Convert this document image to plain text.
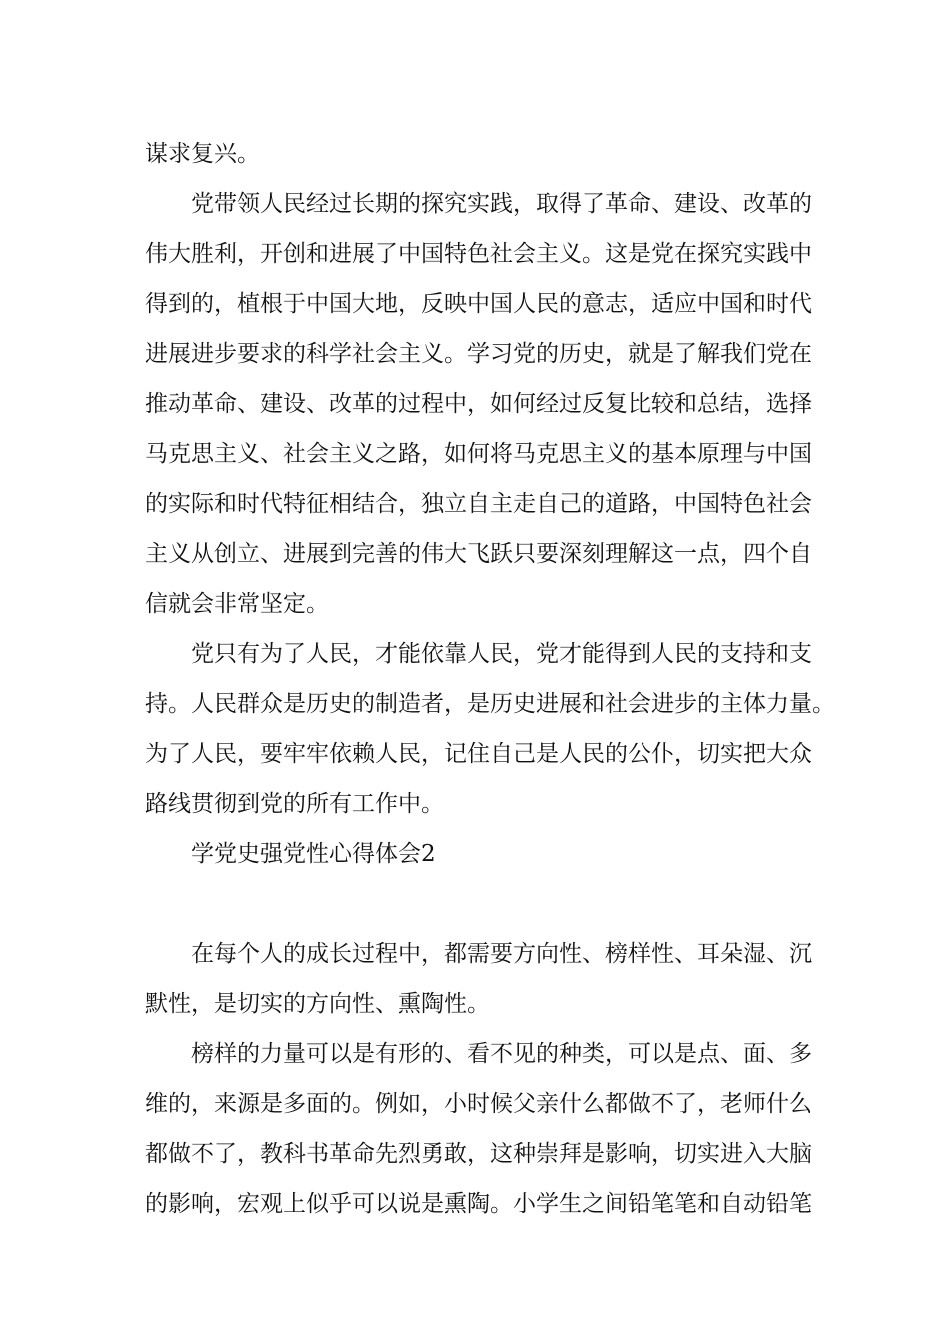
谋求复兴。
党带领人民经过长期的探究实践，取得了革命、建设、改革的
伟大胜利，开创和进展了中国特色社会主义。这是党在探究实践中
得到的，植根于中国大地，反映中国人民的意志，适应中国和时代
进展进步要求的科学社会主义。学习党的历史，就是了解我们党在
推动革命、建设、改革的过程中，如何经过反复比较和总结，选择
马克思主义、社会主义之路，如何将马克思主义的基本原理与中国
的实际和时代特征相结合，独立自主走自己的道路，中国特色社会
主义从创立、进展到完善的伟大飞跃只要深刻理解这一点，四个自
信就会非常坚定。
党只有为了人民，才能依靠人民，党才能得到人民的支持和支
持。人民群众是历史的制造者，是历史进展和社会进步的主体力量。
为了人民，要牢牢依赖人民，记住自己是人民的公仆，切实把大众
路线贯彻到党的所有工作中。
学党史强党性心得体会2
在每个人的成长过程中，都需要方向性、榜样性、耳朵湿、沉
默性，是切实的方向性、熏陶性。
榜样的力量可以是有形的、看不见的种类，可以是点、面、多
维的，来源是多面的。例如，小时候父亲什么都做不了，老师什么
都做不了，教科书革命先烈勇敢，这种崇拜是影响，切实进入大脑
的影响，宏观上似乎可以说是熏陶。小学生之间铅笔笔和自动铅笔
